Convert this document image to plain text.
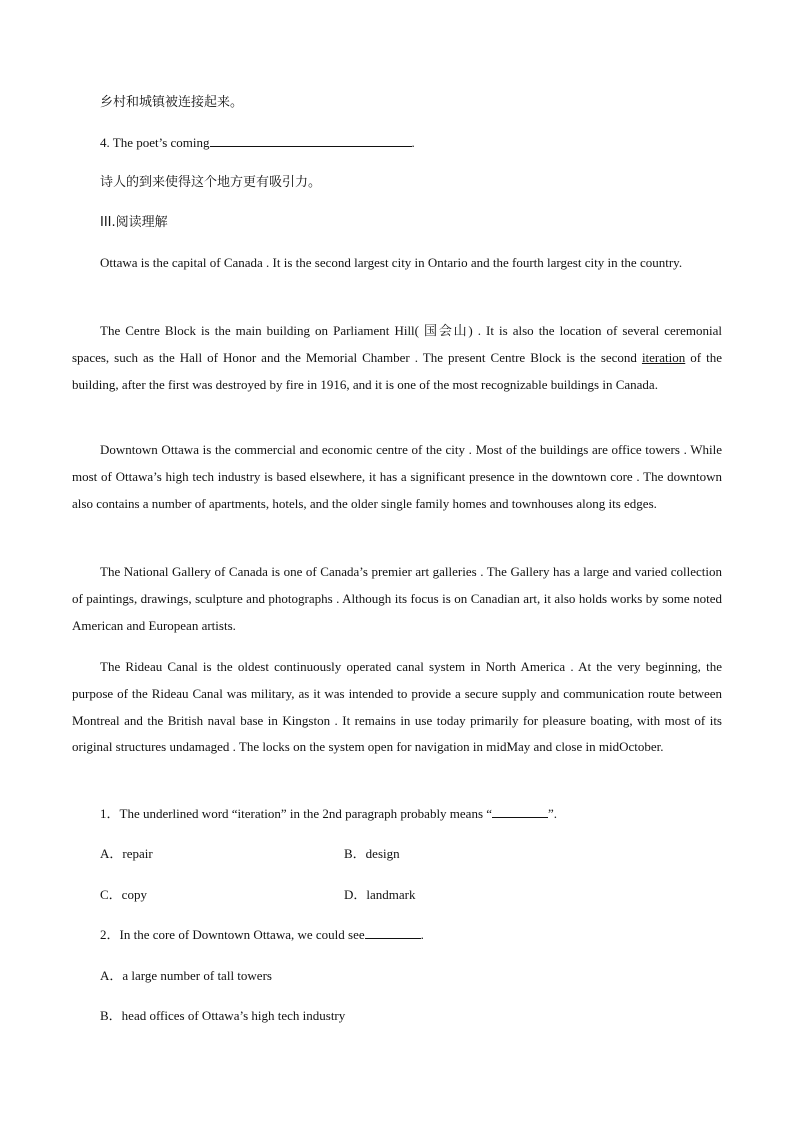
乡村和城镇被连接起来。
4. The poet’s coming	.
诗人的到来使得这个地方更有吸引力。
III.阅读理解
Ottawa is the capital of Canada . It is the second largest city in Ontario and the fourth largest city in the country.
The Centre Block is the main building on Parliament Hill( 国会山) . It is also the location of several ceremonial spaces, such as the Hall of Honor and the Memorial Chamber . The present Centre Block is the second iteration of the building, after the first was destroyed by fire in 1916, and it is one of the most recognizable buildings in Canada.
Downtown Ottawa is the commercial and economic centre of the city . Most of the buildings are office towers . While most of Ottawa’s high tech industry is based elsewhere, it has a significant presence in the downtown core . The downtown also contains a number of apartments, hotels, and the older single family homes and townhouses along its edges.
The National Gallery of Canada is one of Canada’s premier art galleries . The Gallery has a large and varied collection of paintings, drawings, sculpture and photographs . Although its focus is on Canadian art, it also holds works by some noted American and European artists.
The Rideau Canal is the oldest continuously operated canal system in North America . At the very beginning, the purpose of the Rideau Canal was military, as it was intended to provide a secure supply and communication route between Montreal and the British naval base in Kingston . It remains in use today primarily for pleasure boating, with most of its original structures undamaged . The locks on the system open for navigation in midMay and close in midOctober.
1．The underlined word “iteration” in the 2nd paragraph probably means “	”.
A．repair	B．design
C．copy	D．landmark
2．In the core of Downtown Ottawa, we could see	.
A．a large number of tall towers
B．head offices of Ottawa’s high tech industry
